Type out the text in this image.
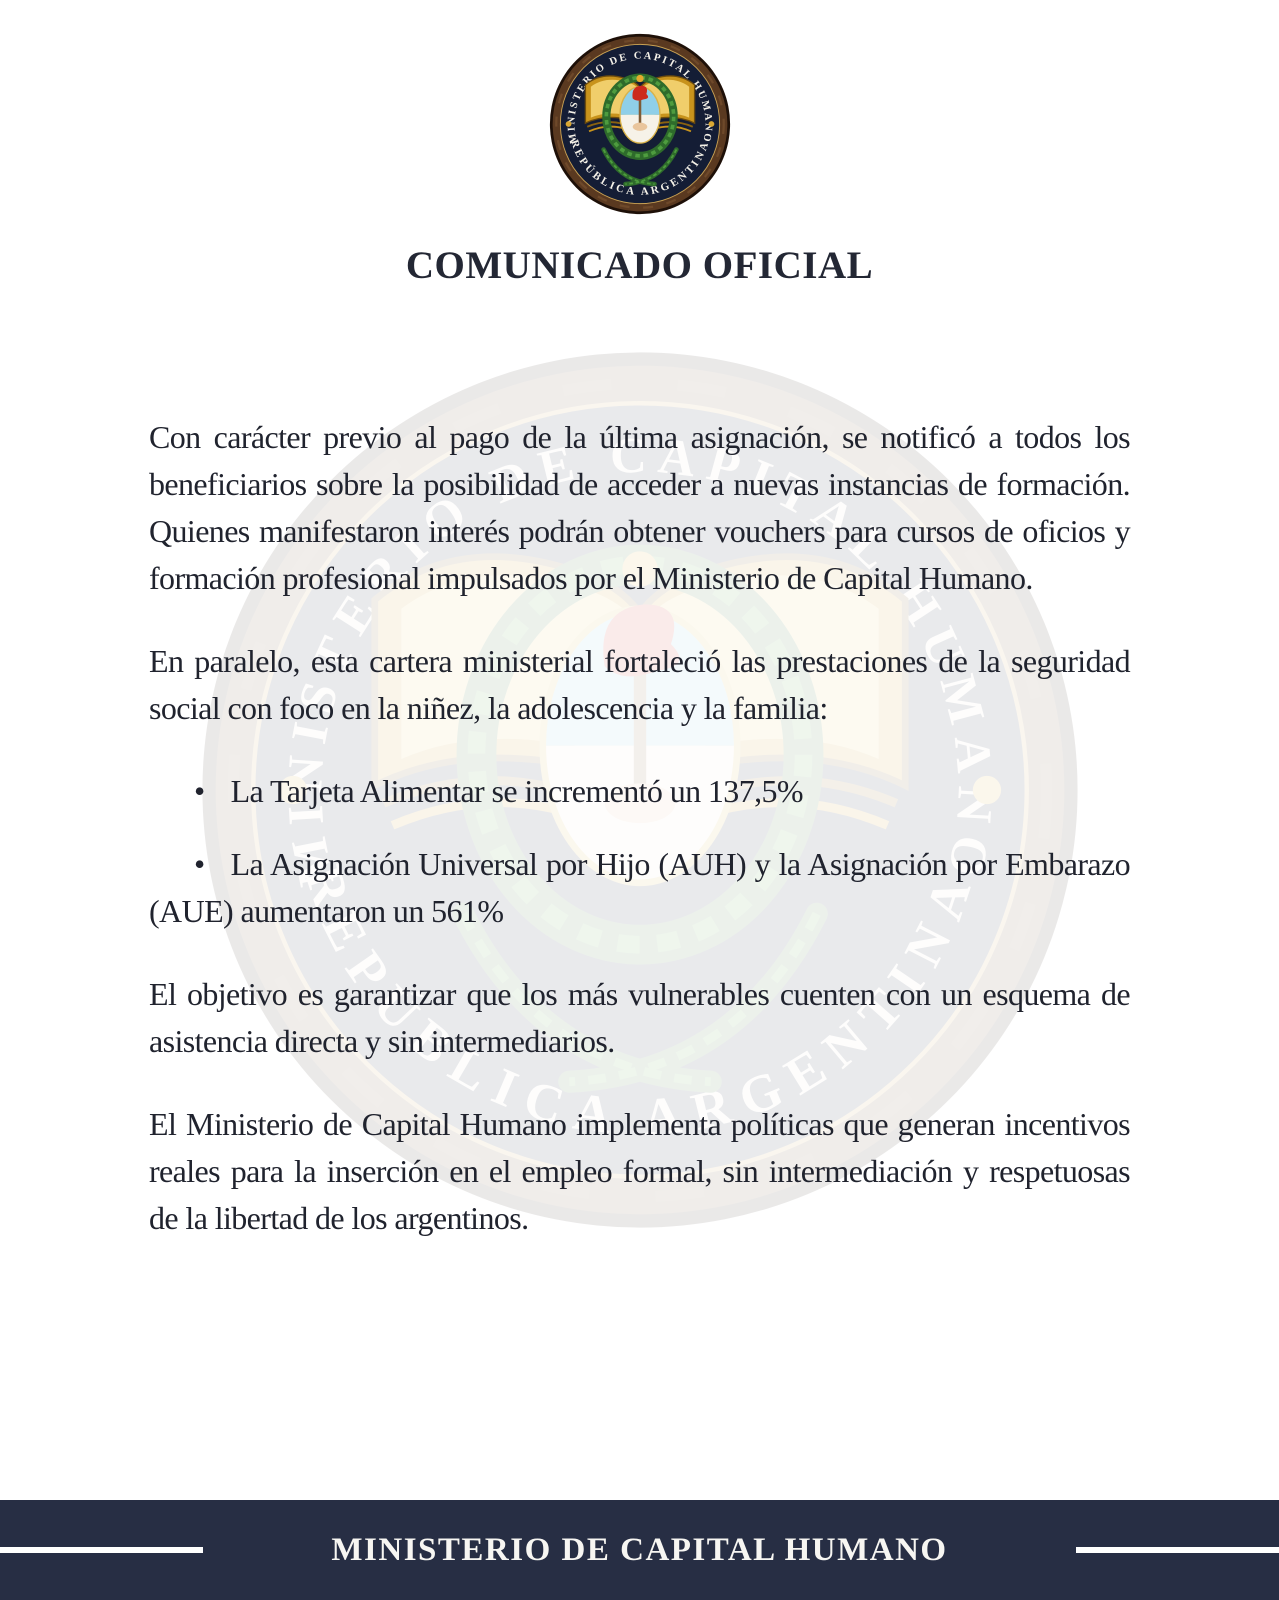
COMUNICADO OFICIAL

Con carácter previo al pago de la última asignación, se notificó a todos los beneficiarios sobre la posibilidad de acceder a nuevas instancias de formación. Quienes manifestaron interés podrán obtener vouchers para cursos de oficios y formación profesional impulsados por el Ministerio de Capital Humano.

En paralelo, esta cartera ministerial fortaleció las prestaciones de la seguridad social con foco en la niñez, la adolescencia y la familia:

• La Tarjeta Alimentar se incrementó un 137,5%

• La Asignación Universal por Hijo (AUH) y la Asignación por Embarazo (AUE) aumentaron un 561%

El objetivo es garantizar que los más vulnerables cuenten con un esquema de asistencia directa y sin intermediarios.

El Ministerio de Capital Humano implementa políticas que generan incentivos reales para la inserción en el empleo formal, sin intermediación y respetuosas de la libertad de los argentinos.

MINISTERIO DE CAPITAL HUMANO
